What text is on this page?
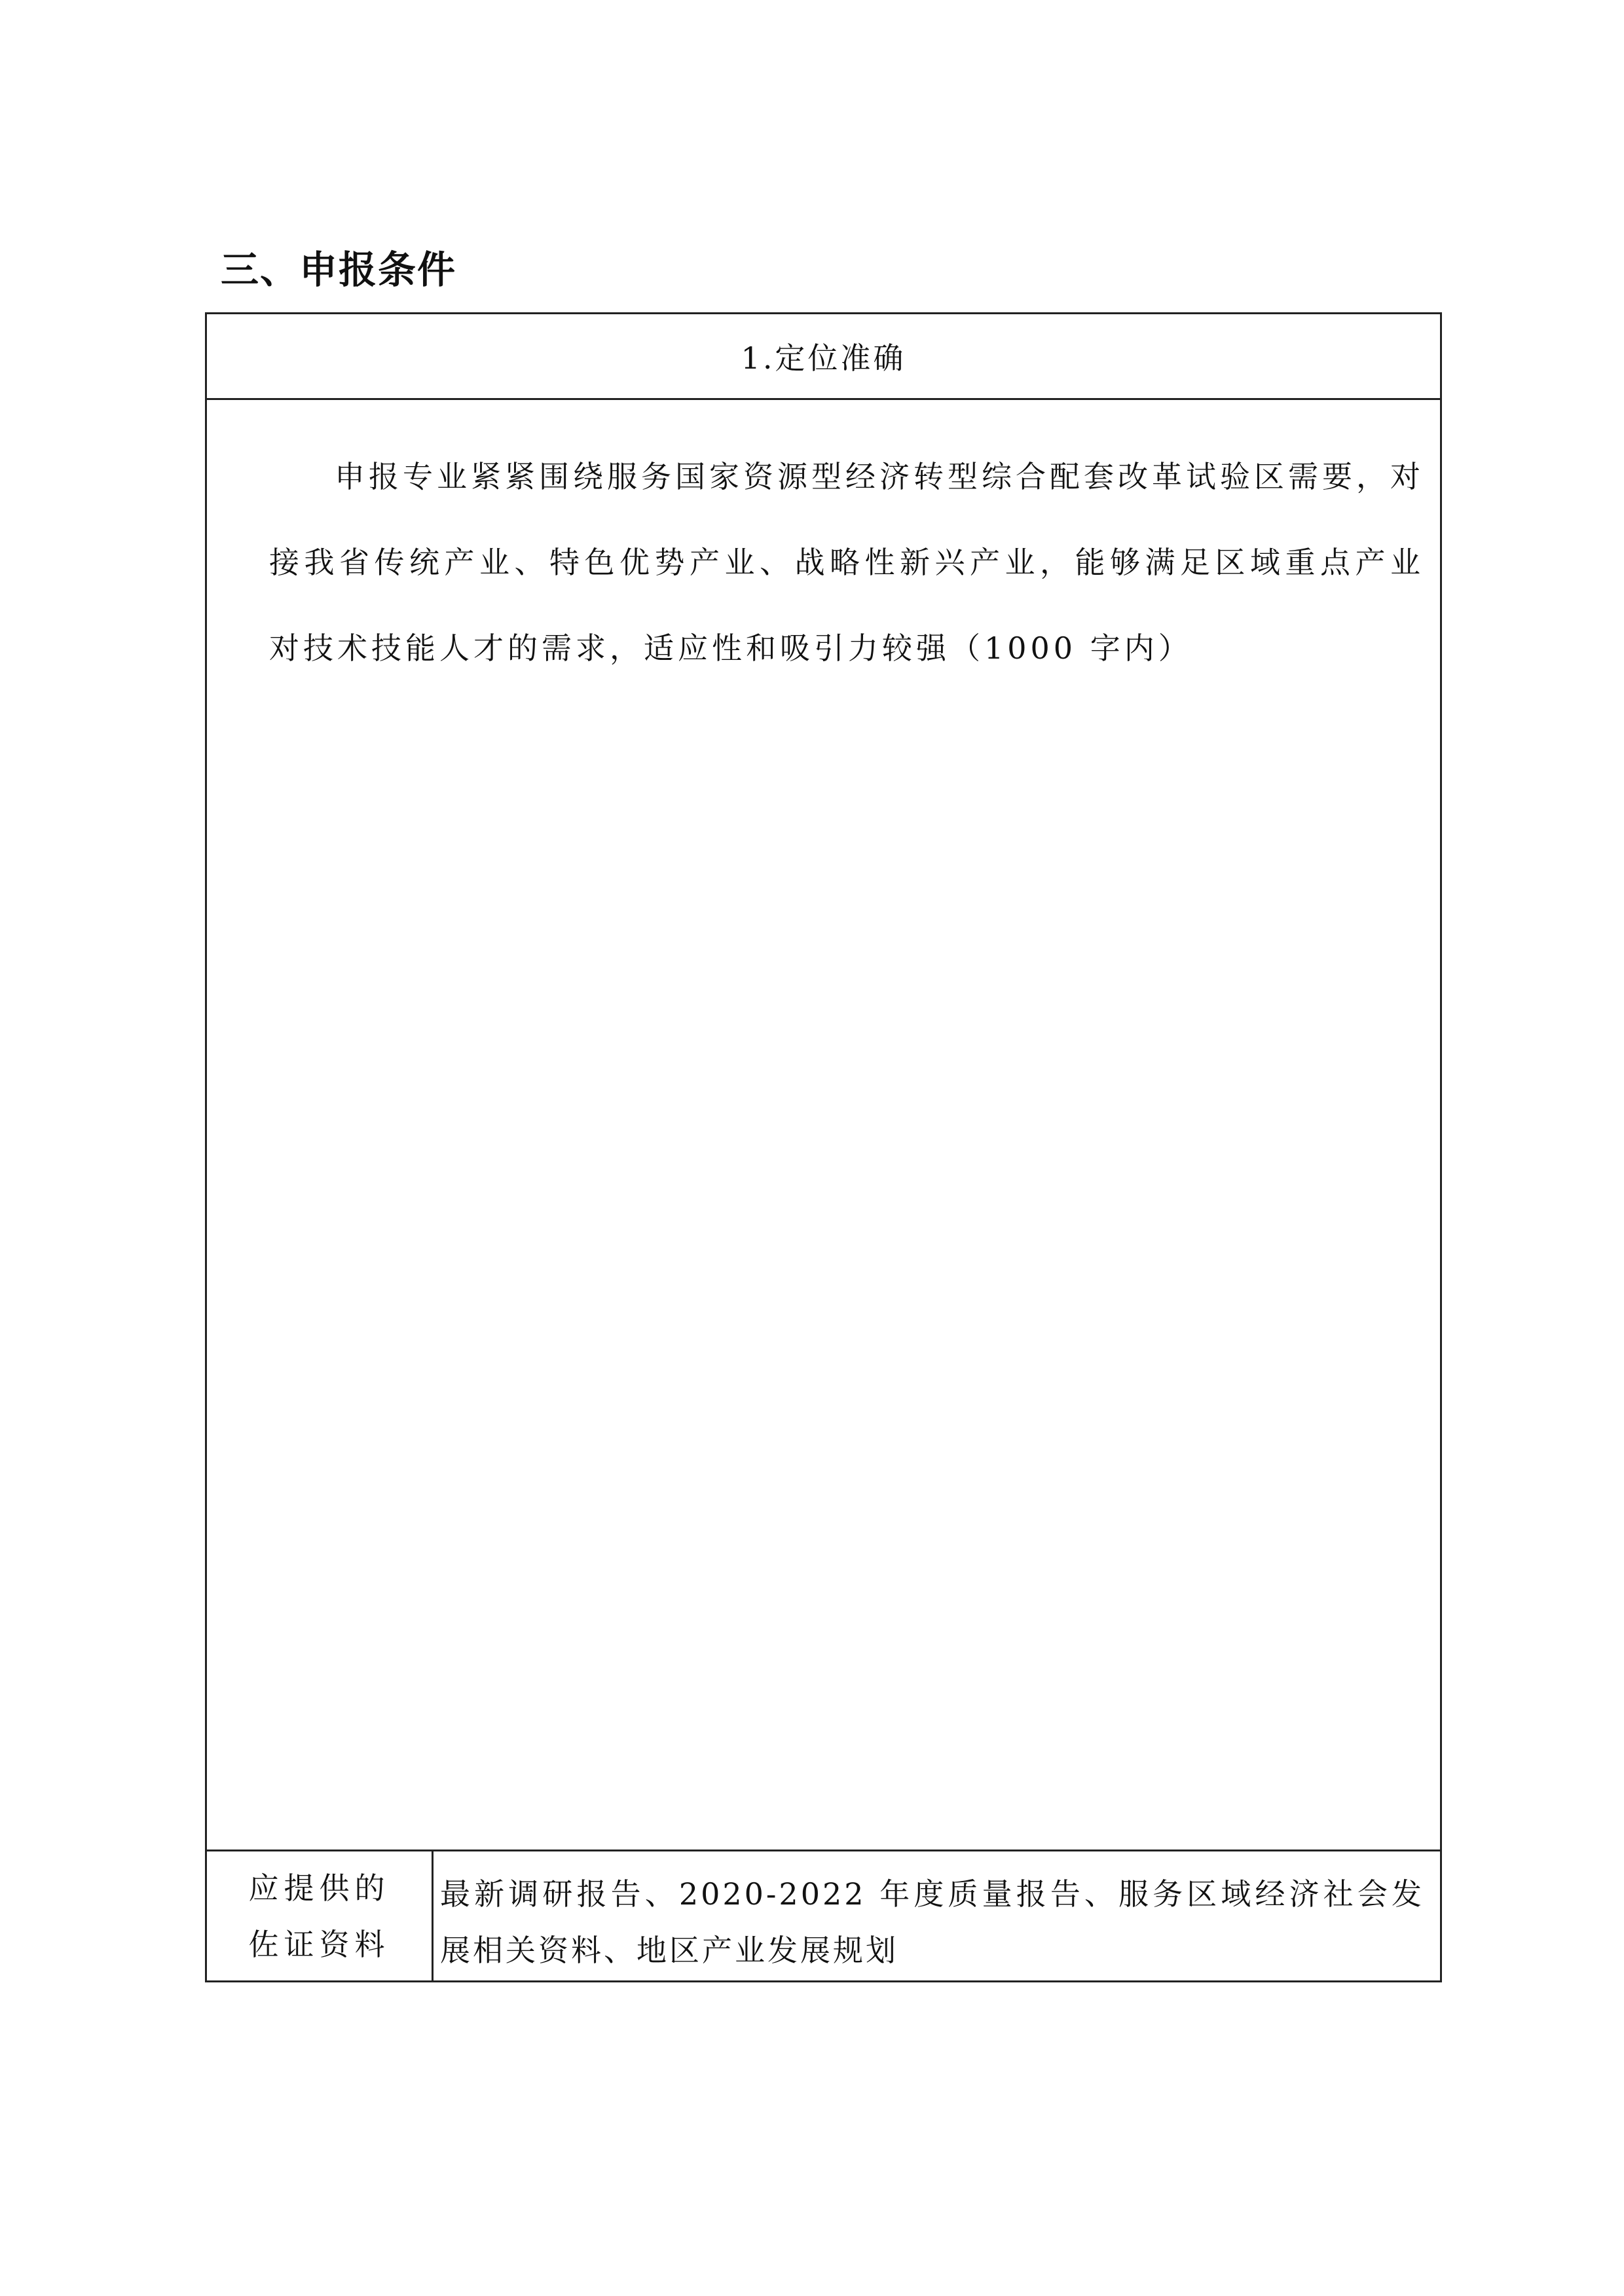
三、申报条件
1.定位准确

申报专业紧紧围绕服务国家资源型经济转型综合配套改革试验区需要，对接我省传统产业、特色优势产业、战略性新兴产业，能够满足区域重点产业对技术技能人才的需求，适应性和吸引力较强（1000 字内）

应提供的
佐证资料
最新调研报告、2020-2022 年度质量报告、服务区域经济社会发展相关资料、地区产业发展规划
